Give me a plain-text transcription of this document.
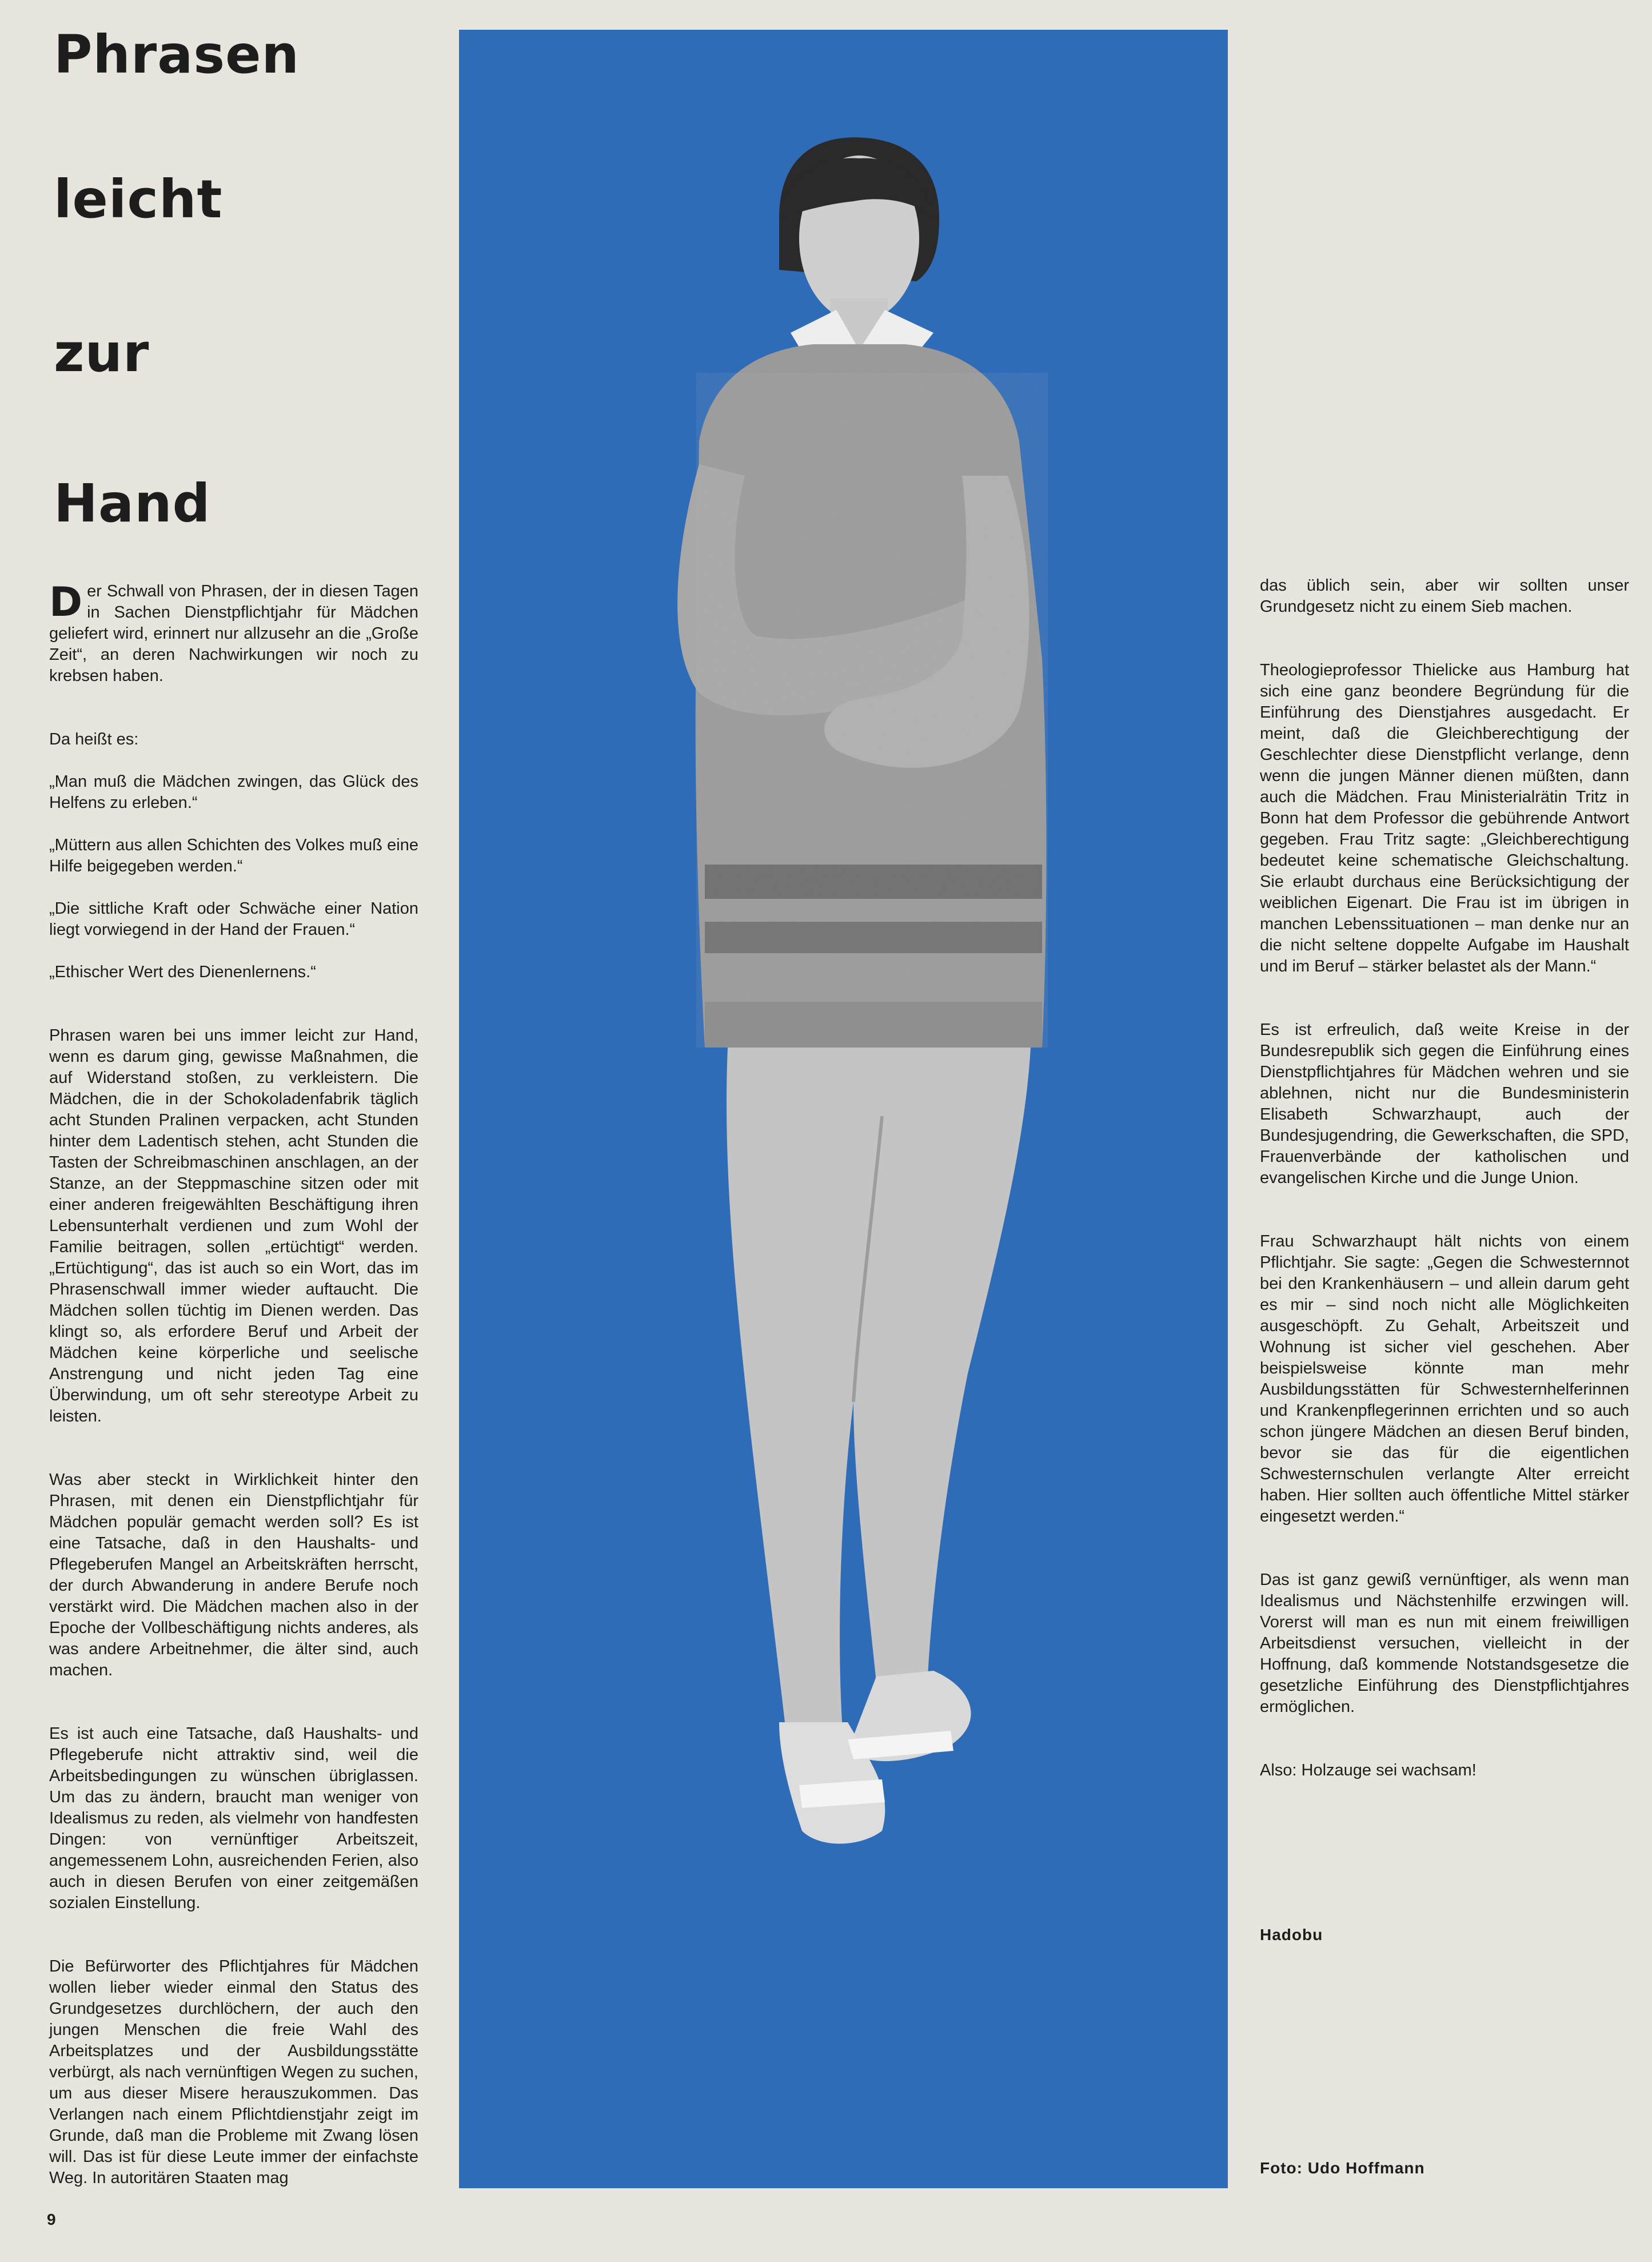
Phrasen
leicht
zur
Hand

Der Schwall von Phrasen, der in diesen Tagen in Sachen Dienstpflichtjahr für Mädchen geliefert wird, erinnert nur allzusehr an die „Große Zeit“, an deren Nachwirkungen wir noch zu krebsen haben.

Da heißt es:

„Man muß die Mädchen zwingen, das Glück des Helfens zu erleben.“

„Müttern aus allen Schichten des Volkes muß eine Hilfe beigegeben werden.“

„Die sittliche Kraft oder Schwäche einer Nation liegt vorwiegend in der Hand der Frauen.“

„Ethischer Wert des Dienenlernens.“

Phrasen waren bei uns immer leicht zur Hand, wenn es darum ging, gewisse Maßnahmen, die auf Widerstand stoßen, zu verkleistern. Die Mädchen, die in der Schokoladenfabrik täglich acht Stunden Pralinen verpacken, acht Stunden hinter dem Ladentisch stehen, acht Stunden die Tasten der Schreibmaschinen anschlagen, an der Stanze, an der Steppmaschine sitzen oder mit einer anderen freigewählten Beschäftigung ihren Lebensunterhalt verdienen und zum Wohl der Familie beitragen, sollen „ertüchtigt“ werden. „Ertüchtigung“, das ist auch so ein Wort, das im Phrasenschwall immer wieder auftaucht. Die Mädchen sollen tüchtig im Dienen werden. Das klingt so, als erfordere Beruf und Arbeit der Mädchen keine körperliche und seelische Anstrengung und nicht jeden Tag eine Überwindung, um oft sehr stereotype Arbeit zu leisten.

Was aber steckt in Wirklichkeit hinter den Phrasen, mit denen ein Dienstpflichtjahr für Mädchen populär gemacht werden soll? Es ist eine Tatsache, daß in den Haushalts- und Pflegeberufen Mangel an Arbeitskräften herrscht, der durch Abwanderung in andere Berufe noch verstärkt wird. Die Mädchen machen also in der Epoche der Vollbeschäftigung nichts anderes, als was andere Arbeitnehmer, die älter sind, auch machen.

Es ist auch eine Tatsache, daß Haushalts- und Pflegeberufe nicht attraktiv sind, weil die Arbeitsbedingungen zu wünschen übriglassen. Um das zu ändern, braucht man weniger von Idealismus zu reden, als vielmehr von handfesten Dingen: von vernünftiger Arbeitszeit, angemessenem Lohn, ausreichenden Ferien, also auch in diesen Berufen von einer zeitgemäßen sozialen Einstellung.

Die Befürworter des Pflichtjahres für Mädchen wollen lieber wieder einmal den Status des Grundgesetzes durchlöchern, der auch den jungen Menschen die freie Wahl des Arbeitsplatzes und der Ausbildungsstätte verbürgt, als nach vernünftigen Wegen zu suchen, um aus dieser Misere herauszukommen. Das Verlangen nach einem Pflichtdienstjahr zeigt im Grunde, daß man die Probleme mit Zwang lösen will. Das ist für diese Leute immer der einfachste Weg. In autoritären Staaten mag

das üblich sein, aber wir sollten unser Grundgesetz nicht zu einem Sieb machen.

Theologieprofessor Thielicke aus Hamburg hat sich eine ganz beondere Begründung für die Einführung des Dienstjahres ausgedacht. Er meint, daß die Gleichberechtigung der Geschlechter diese Dienstpflicht verlange, denn wenn die jungen Männer dienen müßten, dann auch die Mädchen. Frau Ministerialrätin Tritz in Bonn hat dem Professor die gebührende Antwort gegeben. Frau Tritz sagte: „Gleichberechtigung bedeutet keine schematische Gleichschaltung. Sie erlaubt durchaus eine Berücksichtigung der weiblichen Eigenart. Die Frau ist im übrigen in manchen Lebenssituationen – man denke nur an die nicht seltene doppelte Aufgabe im Haushalt und im Beruf – stärker belastet als der Mann.“

Es ist erfreulich, daß weite Kreise in der Bundesrepublik sich gegen die Einführung eines Dienstpflichtjahres für Mädchen wehren und sie ablehnen, nicht nur die Bundesministerin Elisabeth Schwarzhaupt, auch der Bundesjugendring, die Gewerkschaften, die SPD, Frauenverbände der katholischen und evangelischen Kirche und die Junge Union.

Frau Schwarzhaupt hält nichts von einem Pflichtjahr. Sie sagte: „Gegen die Schwesternnot bei den Krankenhäusern – und allein darum geht es mir – sind noch nicht alle Möglichkeiten ausgeschöpft. Zu Gehalt, Arbeitszeit und Wohnung ist sicher viel geschehen. Aber beispielsweise könnte man mehr Ausbildungsstätten für Schwesternhelferinnen und Krankenpflegerinnen errichten und so auch schon jüngere Mädchen an diesen Beruf binden, bevor sie das für die eigentlichen Schwesternschulen verlangte Alter erreicht haben. Hier sollten auch öffentliche Mittel stärker eingesetzt werden.“

Das ist ganz gewiß vernünftiger, als wenn man Idealismus und Nächstenhilfe erzwingen will. Vorerst will man es nun mit einem freiwilligen Arbeitsdienst versuchen, vielleicht in der Hoffnung, daß kommende Notstandsgesetze die gesetzliche Einführung des Dienstpflichtjahres ermöglichen.

Also: Holzauge sei wachsam!

Hadobu

Foto: Udo Hoffmann

9
